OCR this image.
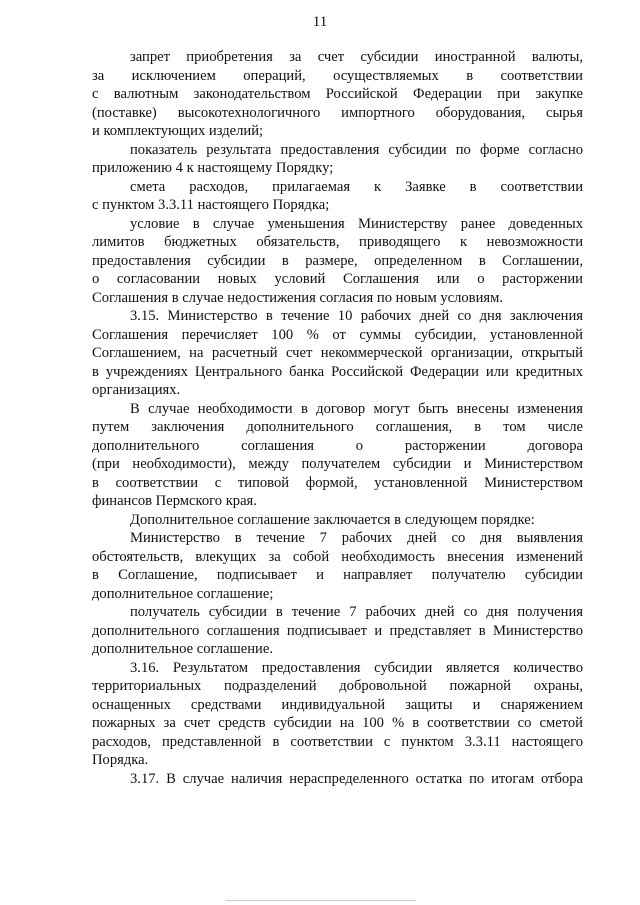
11
запрет приобретения за счет субсидии иностранной валюты,
за исключением операций, осуществляемых в соответствии
с валютным законодательством Российской Федерации при закупке
(поставке) высокотехнологичного импортного оборудования, сырья
и комплектующих изделий;
показатель результата предоставления субсидии по форме согласно
приложению 4 к настоящему Порядку;
смета расходов, прилагаемая к Заявке в соответствии
с пунктом 3.3.11 настоящего Порядка;
условие в случае уменьшения Министерству ранее доведенных
лимитов бюджетных обязательств, приводящего к невозможности
предоставления субсидии в размере, определенном в Соглашении,
о согласовании новых условий Соглашения или о расторжении
Соглашения в случае недостижения согласия по новым условиям.
3.15. Министерство в течение 10 рабочих дней со дня заключения
Соглашения перечисляет 100 % от суммы субсидии, установленной
Соглашением, на расчетный счет некоммерческой организации, открытый
в учреждениях Центрального банка Российской Федерации или кредитных
организациях.
В случае необходимости в договор могут быть внесены изменения
путем заключения дополнительного соглашения, в том числе
дополнительного соглашения о расторжении договора
(при необходимости), между получателем субсидии и Министерством
в соответствии с типовой формой, установленной Министерством
финансов Пермского края.
Дополнительное соглашение заключается в следующем порядке:
Министерство в течение 7 рабочих дней со дня выявления
обстоятельств, влекущих за собой необходимость внесения изменений
в Соглашение, подписывает и направляет получателю субсидии
дополнительное соглашение;
получатель субсидии в течение 7 рабочих дней со дня получения
дополнительного соглашения подписывает и представляет в Министерство
дополнительное соглашение.
3.16. Результатом предоставления субсидии является количество
территориальных подразделений добровольной пожарной охраны,
оснащенных средствами индивидуальной защиты и снаряжением
пожарных за счет средств субсидии на 100 % в соответствии со сметой
расходов, представленной в соответствии с пунктом 3.3.11 настоящего
Порядка.
3.17. В случае наличия нераспределенного остатка по итогам отбора
